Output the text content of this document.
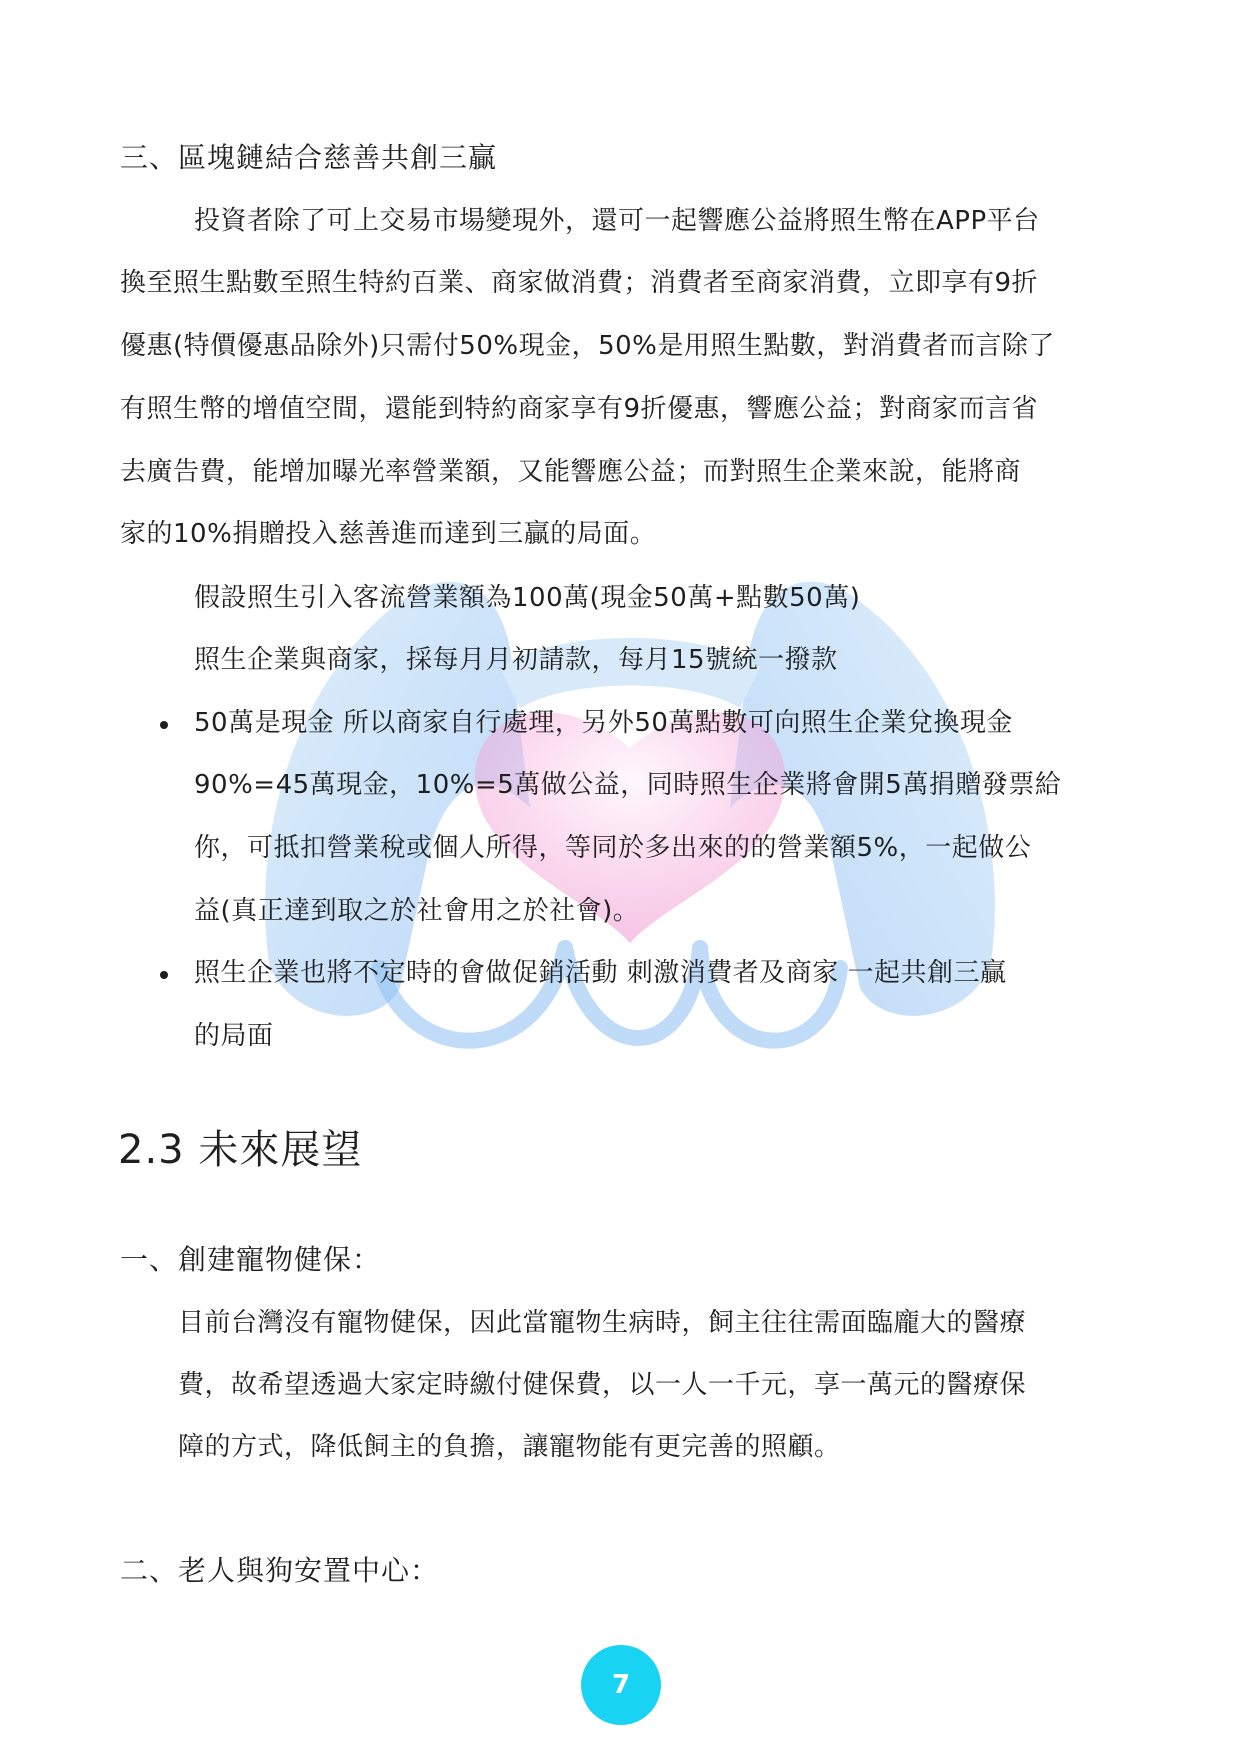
三、區塊鏈結合慈善共創三贏
投資者除了可上交易市場變現外，還可一起響應公益將照生幣在APP平台
換至照生點數至照生特約百業、商家做消費；消費者至商家消費，立即享有9折
優惠(特價優惠品除外)只需付50%現金，50%是用照生點數，對消費者而言除了
有照生幣的增值空間，還能到特約商家享有9折優惠，響應公益；對商家而言省
去廣告費，能增加曝光率營業額，又能響應公益；而對照生企業來說，能將商
家的10%捐贈投入慈善進而達到三贏的局面。
假設照生引入客流營業額為100萬(現金50萬+點數50萬)
照生企業與商家，採每月月初請款，每月15號統一撥款
50萬是現金 所以商家自行處理，另外50萬點數可向照生企業兌換現金
90%=45萬現金，10%=5萬做公益，同時照生企業將會開5萬捐贈發票給
你，可抵扣營業稅或個人所得，等同於多出來的的營業額5%，一起做公
益(真正達到取之於社會用之於社會)。
照生企業也將不定時的會做促銷活動 刺激消費者及商家 一起共創三贏
的局面
2.3 未來展望
一、創建寵物健保：
目前台灣沒有寵物健保，因此當寵物生病時，飼主往往需面臨龐大的醫療
費，故希望透過大家定時繳付健保費，以一人一千元，享一萬元的醫療保
障的方式，降低飼主的負擔，讓寵物能有更完善的照顧。
二、老人與狗安置中心：
7
